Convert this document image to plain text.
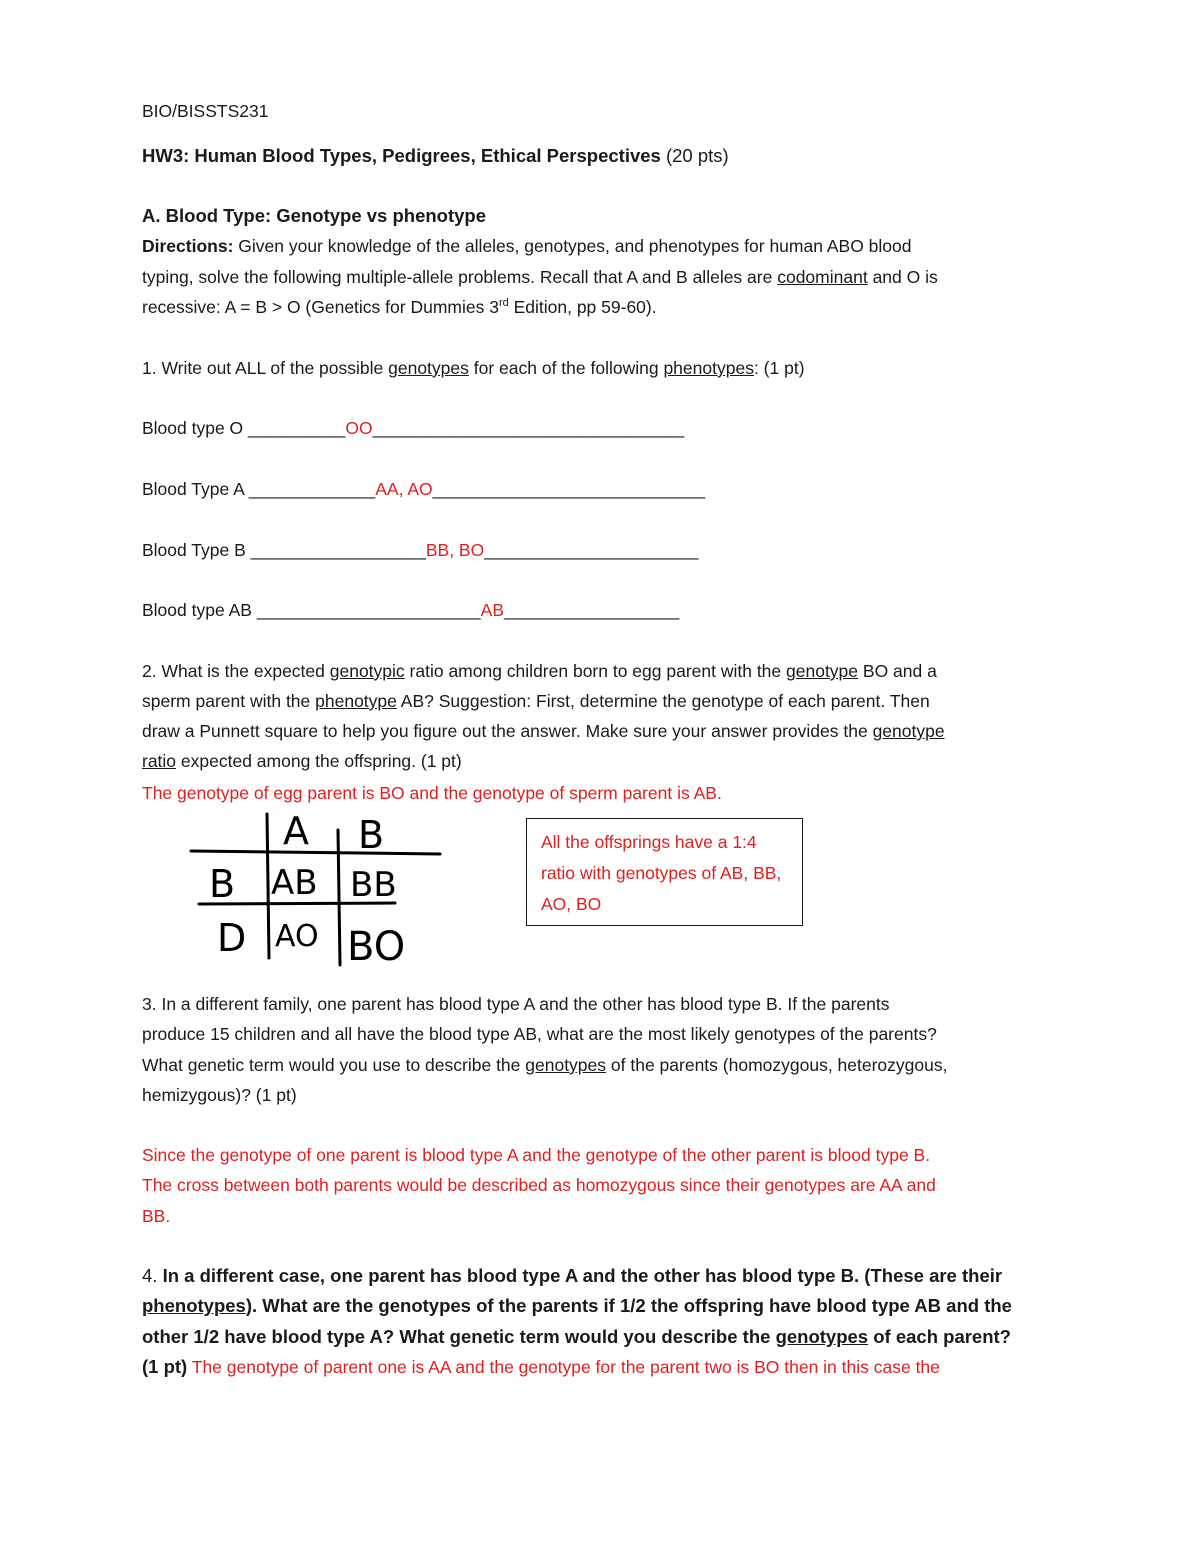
BIO/BISSTS231
HW3: Human Blood Types, Pedigrees, Ethical Perspectives (20 pts)
A. Blood Type: Genotype vs phenotype
Directions: Given your knowledge of the alleles, genotypes, and phenotypes for human ABO blood
typing, solve the following multiple-allele problems. Recall that A and B alleles are codominant and O is
recessive: A = B > O (Genetics for Dummies 3rd Edition, pp 59-60).
1. Write out ALL of the possible genotypes for each of the following phenotypes: (1 pt)
Blood type O __________OO________________________________
Blood Type A _____________AA, AO____________________________
Blood Type B __________________BB, BO______________________
Blood type AB _______________________AB__________________
2. What is the expected genotypic ratio among children born to egg parent with the genotype BO and a
sperm parent with the phenotype AB? Suggestion: First, determine the genotype of each parent. Then
draw a Punnett square to help you figure out the answer. Make sure your answer provides the genotype
ratio expected among the offspring. (1 pt)
The genotype of egg parent is BO and the genotype of sperm parent is AB.
A B
B
D
AB BB
AO BO
All the offsprings have a 1:4 ratio with genotypes of AB, BB, AO, BO
3. In a different family, one parent has blood type A and the other has blood type B. If the parents
produce 15 children and all have the blood type AB, what are the most likely genotypes of the parents?
What genetic term would you use to describe the genotypes of the parents (homozygous, heterozygous,
hemizygous)? (1 pt)
Since the genotype of one parent is blood type A and the genotype of the other parent is blood type B.
The cross between both parents would be described as homozygous since their genotypes are AA and
BB.
4. In a different case, one parent has blood type A and the other has blood type B. (These are their
phenotypes). What are the genotypes of the parents if 1/2 the offspring have blood type AB and the
other 1/2 have blood type A? What genetic term would you describe the genotypes of each parent?
(1 pt) The genotype of parent one is AA and the genotype for the parent two is BO then in this case the
